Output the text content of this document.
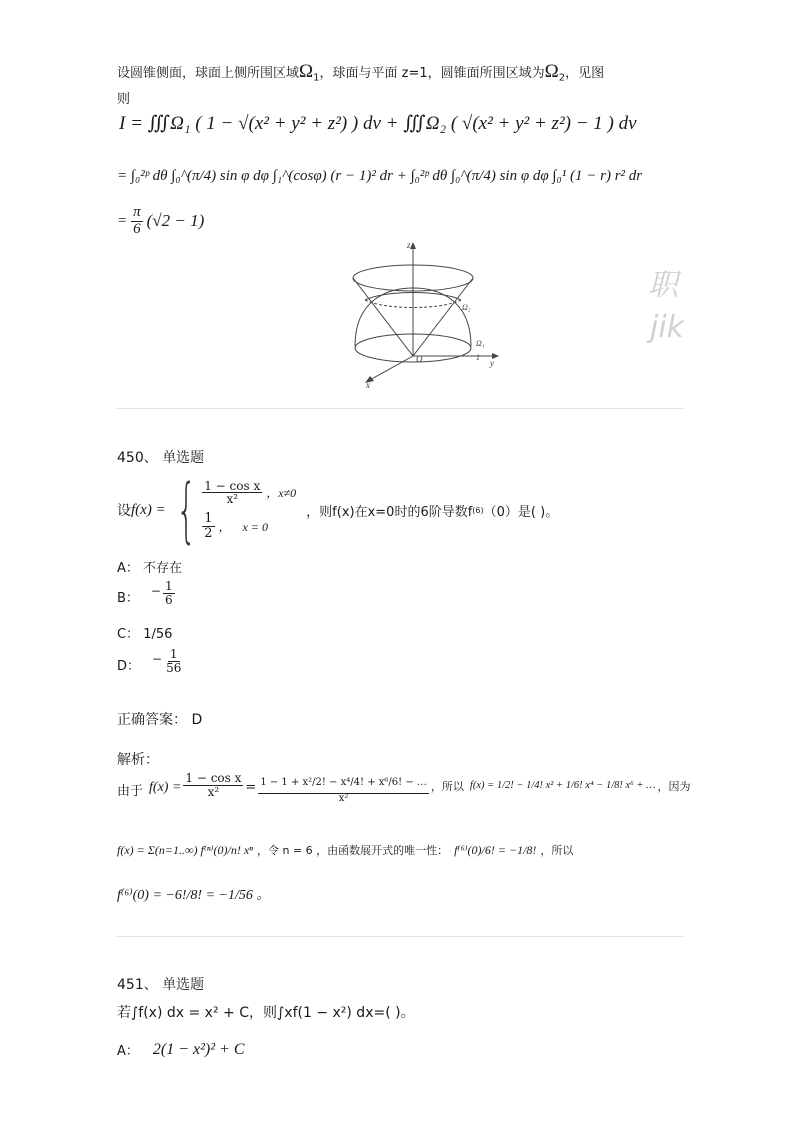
设圆锥侧面，球面上侧所围区域$\Omega_1$，球面与平面 z=1，圆锥面所围区域为$\Omega_2$，见图
则
I = ∭Ω₁ ( 1 − √(x² + y² + z²) ) dv + ∭Ω₂ ( √(x² + y² + z²) − 1 ) dv
= ∫₀²ᵖ dθ ∫₀^(π/4) sin φ dφ ∫₁^(cosφ) (r − 1)² dr + ∫₀²ᵖ dθ ∫₀^(π/4) sin φ dφ ∫₀¹ (1 − r) r² dr
= $\frac{\pi}{6} (√2 - 1)$
z
y
x
O
Ω₂
Ω₁
1
职
jik
450、 单选题
设 f(x) = { $\frac{\text{1 − cos x}}{\text{x²}}$ ，x≠0
$\frac{1}{2}$ ，    x = 0
，则f(x)在x=0时的6阶导数f (6) （0）是( )。
A： 不存在
B： − $\frac{1}{6}$
C： 1/56
D： − $\frac{1}{56}$
正确答案： D
解析：
由于 $f(x) = \frac{\text{1 − cos x}}{\text{x²}} = \frac{\text{1 − 1 + x²/2! − x⁴/4! + x⁶/6! − …}}{\text{x²}}$ ，所以 f(x) = 1/2! − 1/4! x² + 1/6! x⁴ − 1/8! x⁶ + … ，因为
f(x) = Σ(n=1..∞) f⁽ⁿ⁾(0)/n! xⁿ ，令 n = 6 ，由函数展开式的唯一性： f⁽⁶⁾(0)/6! = −1/8! ，所以
f⁽⁶⁾(0) = −6!/8! = −1/56 。
451、 单选题
若∫f(x) dx = x² + C，则∫xf(1 − x²) dx=( )。
A： 2(1 − x²)² + C
